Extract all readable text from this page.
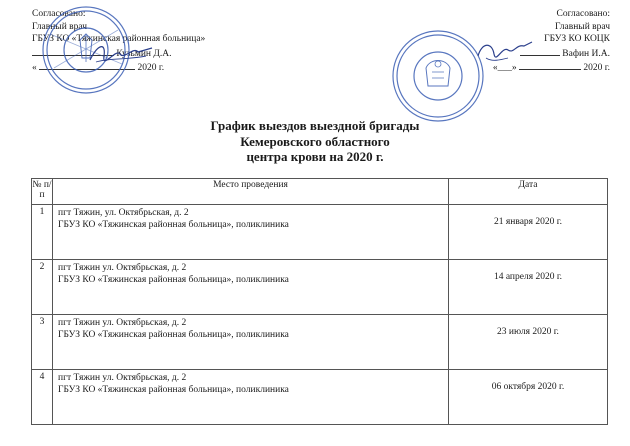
Согласовано:
Главный врач
ГБУЗ КО «Тяжинская районная больница»
Кузьмин Д.А.
«	2020 г.
Согласовано:
Главный врач
ГБУЗ КО КОЦК
Вафин И.А.
«___»	2020 г.
График выездов выездной бригады
Кемеровского областного
центра крови на 2020 г.
№ п/п	Место проведения	Дата
1	пгт Тяжин, ул. Октябрьская, д. 2
ГБУЗ КО «Тяжинская районная больница», поликлиника	21 января 2020 г.
2	пгт Тяжин ул. Октябрьская, д. 2
ГБУЗ КО «Тяжинская районная больница», поликлиника	14 апреля 2020 г.
3	пгт Тяжин ул. Октябрьская, д. 2
ГБУЗ КО «Тяжинская районная больница», поликлиника	23 июля 2020 г.
4	пгт Тяжин ул. Октябрьская, д. 2
ГБУЗ КО «Тяжинская районная больница», поликлиника	06 октября 2020 г.
